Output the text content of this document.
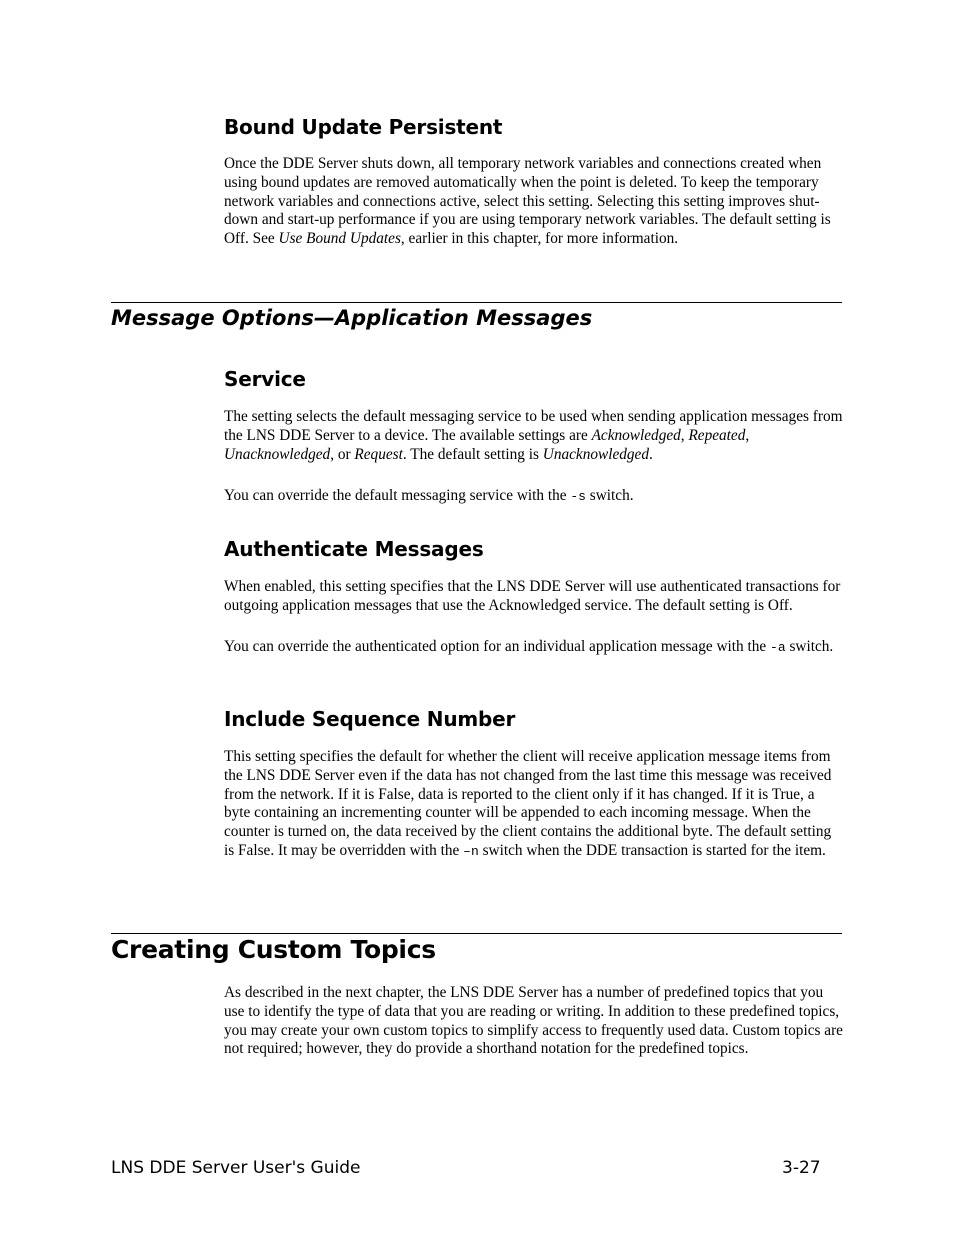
Bound Update Persistent

Once the DDE Server shuts down, all temporary network variables and connections created when using bound updates are removed automatically when the point is deleted. To keep the temporary network variables and connections active, select this setting. Selecting this setting improves shut-down and start-up performance if you are using temporary network variables. The default setting is Off. See Use Bound Updates, earlier in this chapter, for more information.

Message Options—Application Messages
Service

The setting selects the default messaging service to be used when sending application messages from the LNS DDE Server to a device. The available settings are Acknowledged, Repeated, Unacknowledged, or Request. The default setting is Unacknowledged.

You can override the default messaging service with the -s switch.

Authenticate Messages

When enabled, this setting specifies that the LNS DDE Server will use authenticated transactions for outgoing application messages that use the Acknowledged service. The default setting is Off.

You can override the authenticated option for an individual application message with the -a switch.

Include Sequence Number

This setting specifies the default for whether the client will receive application message items from the LNS DDE Server even if the data has not changed from the last time this message was received from the network. If it is False, data is reported to the client only if it has changed. If it is True, a byte containing an incrementing counter will be appended to each incoming message. When the counter is turned on, the data received by the client contains the additional byte. The default setting is False. It may be overridden with the –n switch when the DDE transaction is started for the item.

Creating Custom Topics

As described in the next chapter, the LNS DDE Server has a number of predefined topics that you use to identify the type of data that you are reading or writing. In addition to these predefined topics, you may create your own custom topics to simplify access to frequently used data. Custom topics are not required; however, they do provide a shorthand notation for the predefined topics.

LNS DDE Server User's Guide	3-27
